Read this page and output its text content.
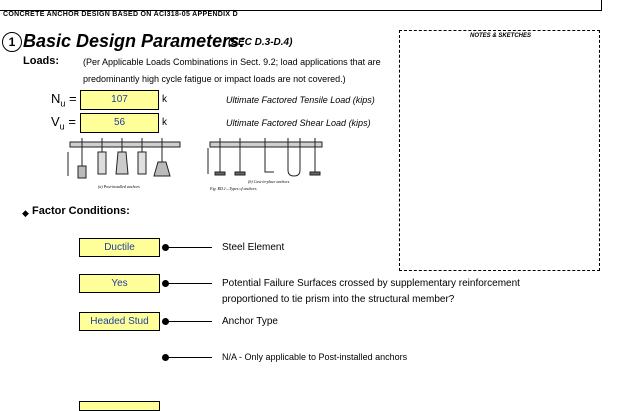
CONCRETE ANCHOR DESIGN BASED ON ACI318-05 APPENDIX D
1 Basic Design Parameters:
(SEC D.3-D.4)
NOTES & SKETCHES
Loads:	(Per Applicable Loads Combinations in Sect. 9.2; load applications that are
predominantly high cycle fatigue or impact loads are not covered.)
$N_u$ =	107	k	Ultimate Factored Tensile Load (kips)
$V_u$ =	56	k	Ultimate Factored Shear Load (kips)
(a) Post-installed anchors
(b) Cast-in-place anchors
Fig. RD.1—Types of anchors.
◆ Factor Conditions:
Ductile	Steel Element
Yes	Potential Failure Surfaces crossed by supplementary reinforcement
proportioned to tie prism into the structural member?
Headed Stud	Anchor Type
N/A - Only applicable to Post-installed anchors
